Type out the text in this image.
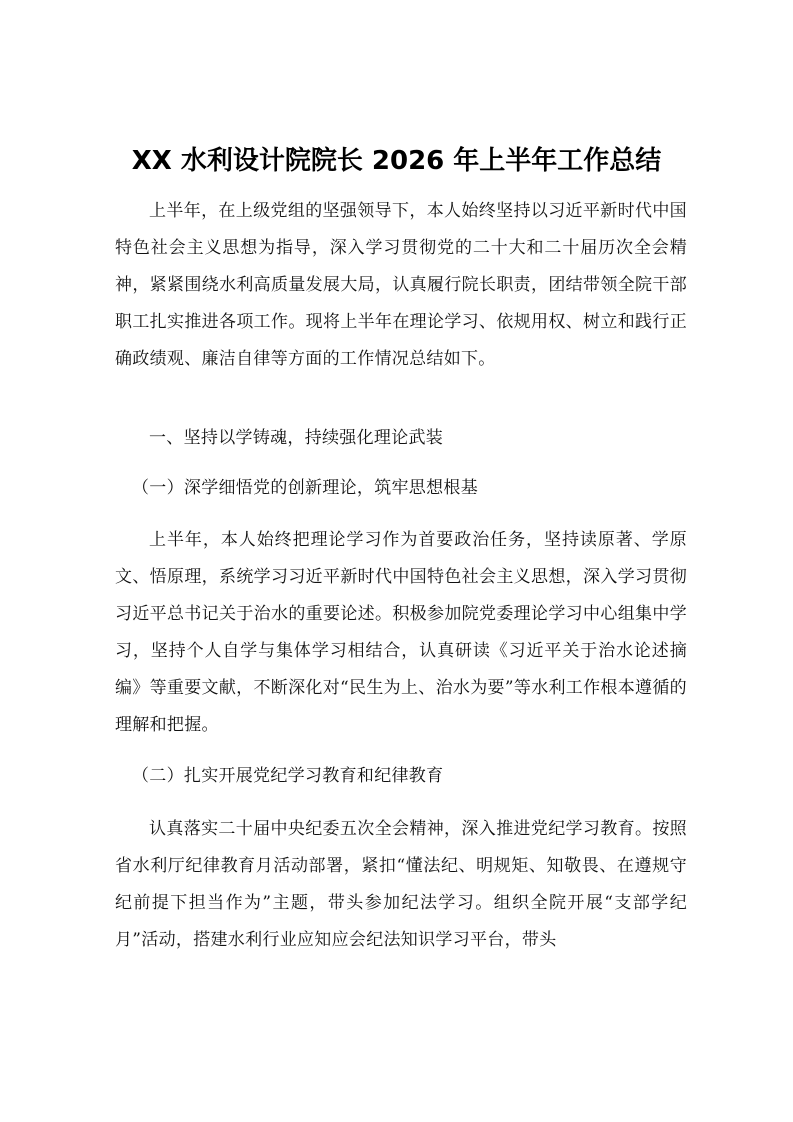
XX 水利设计院院长 2026 年上半年工作总结

上半年，在上级党组的坚强领导下，本人始终坚持以习近平新时代中国特色社会主义思想为指导，深入学习贯彻党的二十大和二十届历次全会精神，紧紧围绕水利高质量发展大局，认真履行院长职责，团结带领全院干部职工扎实推进各项工作。现将上半年在理论学习、依规用权、树立和践行正确政绩观、廉洁自律等方面的工作情况总结如下。

一、坚持以学铸魂，持续强化理论武装
（一）深学细悟党的创新理论，筑牢思想根基

上半年，本人始终把理论学习作为首要政治任务，坚持读原著、学原文、悟原理，系统学习习近平新时代中国特色社会主义思想，深入学习贯彻习近平总书记关于治水的重要论述。积极参加院党委理论学习中心组集中学习，坚持个人自学与集体学习相结合，认真研读《习近平关于治水论述摘编》等重要文献，不断深化对“民生为上、治水为要”等水利工作根本遵循的理解和把握。

（二）扎实开展党纪学习教育和纪律教育

认真落实二十届中央纪委五次全会精神，深入推进党纪学习教育。按照省水利厅纪律教育月活动部署，紧扣“懂法纪、明规矩、知敬畏、在遵规守纪前提下担当作为”主题，带头参加纪法学习。组织全院开展“支部学纪月”活动，搭建水利行业应知应会纪法知识学习平台，带头
